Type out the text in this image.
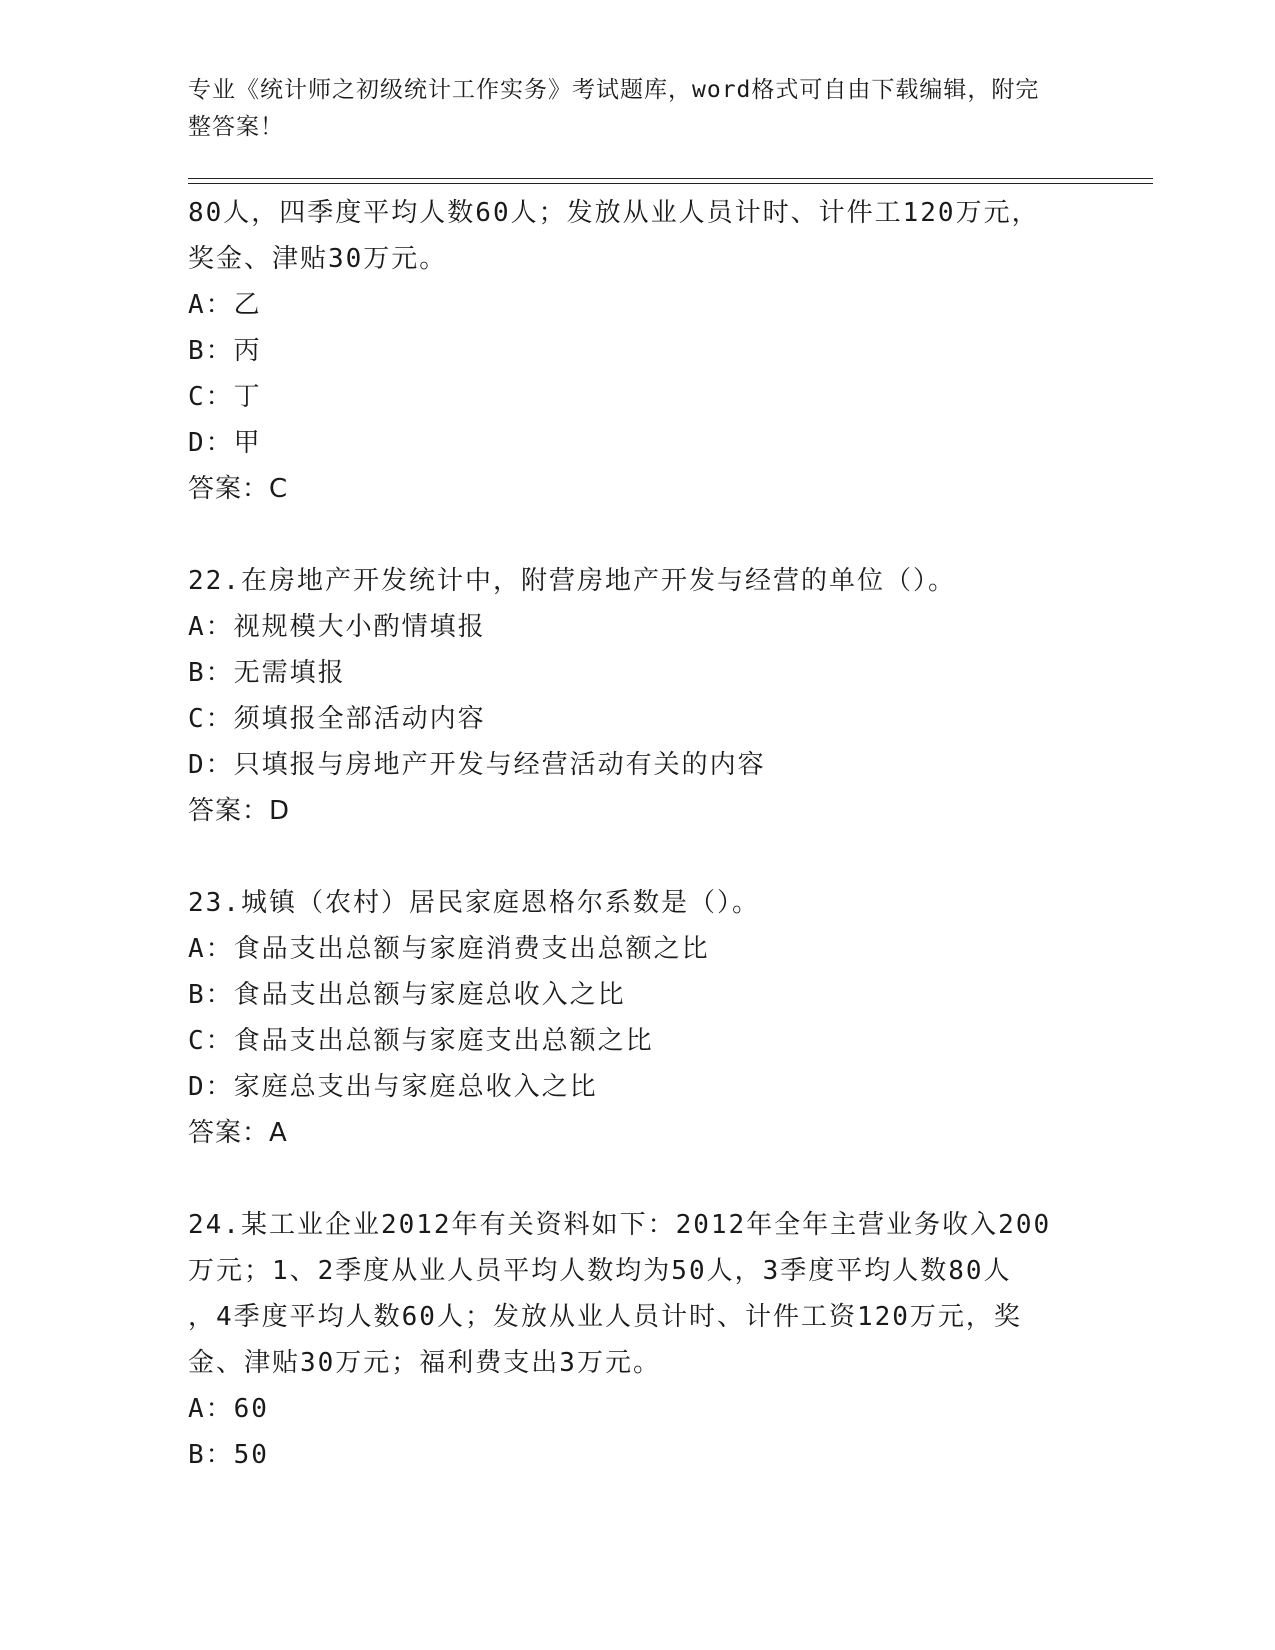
专业《统计师之初级统计工作实务》考试题库，word格式可自由下载编辑，附完
整答案！
80人，四季度平均人数60人；发放从业人员计时、计件工120万元，
奖金、津贴30万元。
A：乙
B：丙
C：丁
D：甲
答案：C
22.在房地产开发统计中，附营房地产开发与经营的单位（）。
A：视规模大小酌情填报
B：无需填报
C：须填报全部活动内容
D：只填报与房地产开发与经营活动有关的内容
答案：D
23.城镇（农村）居民家庭恩格尔系数是（）。
A：食品支出总额与家庭消费支出总额之比
B：食品支出总额与家庭总收入之比
C：食品支出总额与家庭支出总额之比
D：家庭总支出与家庭总收入之比
答案：A
24.某工业企业2012年有关资料如下：2012年全年主营业务收入200
万元；1、2季度从业人员平均人数均为50人，3季度平均人数80人
，4季度平均人数60人；发放从业人员计时、计件工资120万元，奖
金、津贴30万元；福利费支出3万元。
A：60
B：50
